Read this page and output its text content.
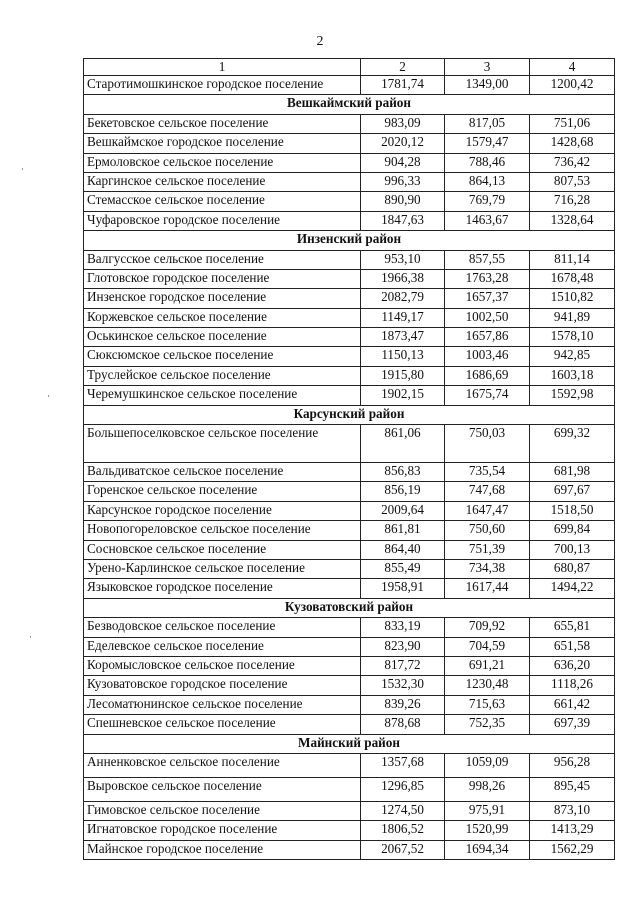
2
1	2	3	4
Старотимошкинское городское поселение	1781,74	1349,00	1200,42
Вешкаймский район			
Бекетовское сельское поселение	983,09	817,05	751,06
Вешкаймское городское поселение	2020,12	1579,47	1428,68
Ермоловское сельское поселение	904,28	788,46	736,42
Каргинское сельское поселение	996,33	864,13	807,53
Стемасское сельское поселение	890,90	769,79	716,28
Чуфаровское городское поселение	1847,63	1463,67	1328,64
Инзенский район			
Валгусское сельское поселение	953,10	857,55	811,14
Глотовское городское поселение	1966,38	1763,28	1678,48
Инзенское городское поселение	2082,79	1657,37	1510,82
Коржевское сельское поселение	1149,17	1002,50	941,89
Оськинское сельское поселение	1873,47	1657,86	1578,10
Сюксюмское сельское поселение	1150,13	1003,46	942,85
Труслейское сельское поселение	1915,80	1686,69	1603,18
Черемушкинское сельское поселение	1902,15	1675,74	1592,98
Карсунский район			
Большепоселковское сельское поселение	861,06	750,03	699,32
Вальдиватское сельское поселение	856,83	735,54	681,98
Горенское сельское поселение	856,19	747,68	697,67
Карсунское городское поселение	2009,64	1647,47	1518,50
Новопогореловское сельское поселение	861,81	750,60	699,84
Сосновское сельское поселение	864,40	751,39	700,13
Урено-Карлинское сельское поселение	855,49	734,38	680,87
Языковское городское поселение	1958,91	1617,44	1494,22
Кузоватовский район			
Безводовское сельское поселение	833,19	709,92	655,81
Еделевское сельское поселение	823,90	704,59	651,58
Коромысловское сельское поселение	817,72	691,21	636,20
Кузоватовское городское поселение	1532,30	1230,48	1118,26
Лесоматюнинское сельское поселение	839,26	715,63	661,42
Спешневское сельское поселение	878,68	752,35	697,39
Майнский район			
Анненковское сельское поселение	1357,68	1059,09	956,28
Выровское сельское поселение	1296,85	998,26	895,45
Гимовское сельское поселение	1274,50	975,91	873,10
Игнатовское городское поселение	1806,52	1520,99	1413,29
Майнское городское поселение	2067,52	1694,34	1562,29
